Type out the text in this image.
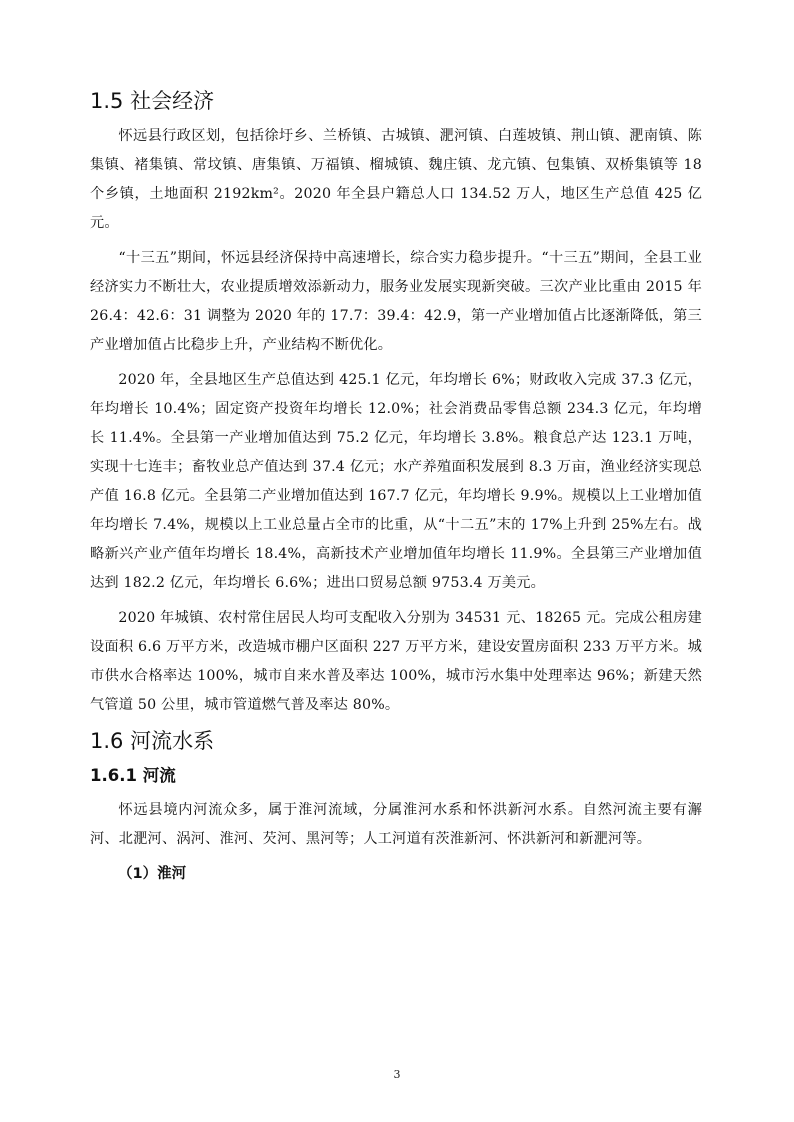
1.5 社会经济

怀远县行政区划，包括徐圩乡、兰桥镇、古城镇、淝河镇、白莲坡镇、荆山镇、淝南镇、陈集镇、褚集镇、常坟镇、唐集镇、万福镇、榴城镇、魏庄镇、龙亢镇、包集镇、双桥集镇等 18 个乡镇，土地面积 2192km²。2020 年全县户籍总人口 134.52 万人，地区生产总值 425 亿元。

“十三五”期间，怀远县经济保持中高速增长，综合实力稳步提升。“十三五”期间，全县工业经济实力不断壮大，农业提质增效添新动力，服务业发展实现新突破。三次产业比重由 2015 年 26.4：42.6：31 调整为 2020 年的 17.7：39.4：42.9，第一产业增加值占比逐渐降低，第三产业增加值占比稳步上升，产业结构不断优化。

2020 年，全县地区生产总值达到 425.1 亿元，年均增长 6%；财政收入完成 37.3 亿元，年均增长 10.4%；固定资产投资年均增长 12.0%；社会消费品零售总额 234.3 亿元，年均增长 11.4%。全县第一产业增加值达到 75.2 亿元，年均增长 3.8%。粮食总产达 123.1 万吨，实现十七连丰；畜牧业总产值达到 37.4 亿元；水产养殖面积发展到 8.3 万亩，渔业经济实现总产值 16.8 亿元。全县第二产业增加值达到 167.7 亿元，年均增长 9.9%。规模以上工业增加值年均增长 7.4%，规模以上工业总量占全市的比重，从“十二五”末的 17%上升到 25%左右。战略新兴产业产值年均增长 18.4%，高新技术产业增加值年均增长 11.9%。全县第三产业增加值达到 182.2 亿元，年均增长 6.6%；进出口贸易总额 9753.4 万美元。

2020 年城镇、农村常住居民人均可支配收入分别为 34531 元、18265 元。完成公租房建设面积 6.6 万平方米，改造城市棚户区面积 227 万平方米，建设安置房面积 233 万平方米。城市供水合格率达 100%，城市自来水普及率达 100%，城市污水集中处理率达 96%；新建天然气管道 50 公里，城市管道燃气普及率达 80%。

1.6 河流水系
1.6.1 河流

怀远县境内河流众多，属于淮河流域，分属淮河水系和怀洪新河水系。自然河流主要有澥河、北淝河、涡河、淮河、芡河、黑河等；人工河道有茨淮新河、怀洪新河和新淝河等。

（1）淮河
3
